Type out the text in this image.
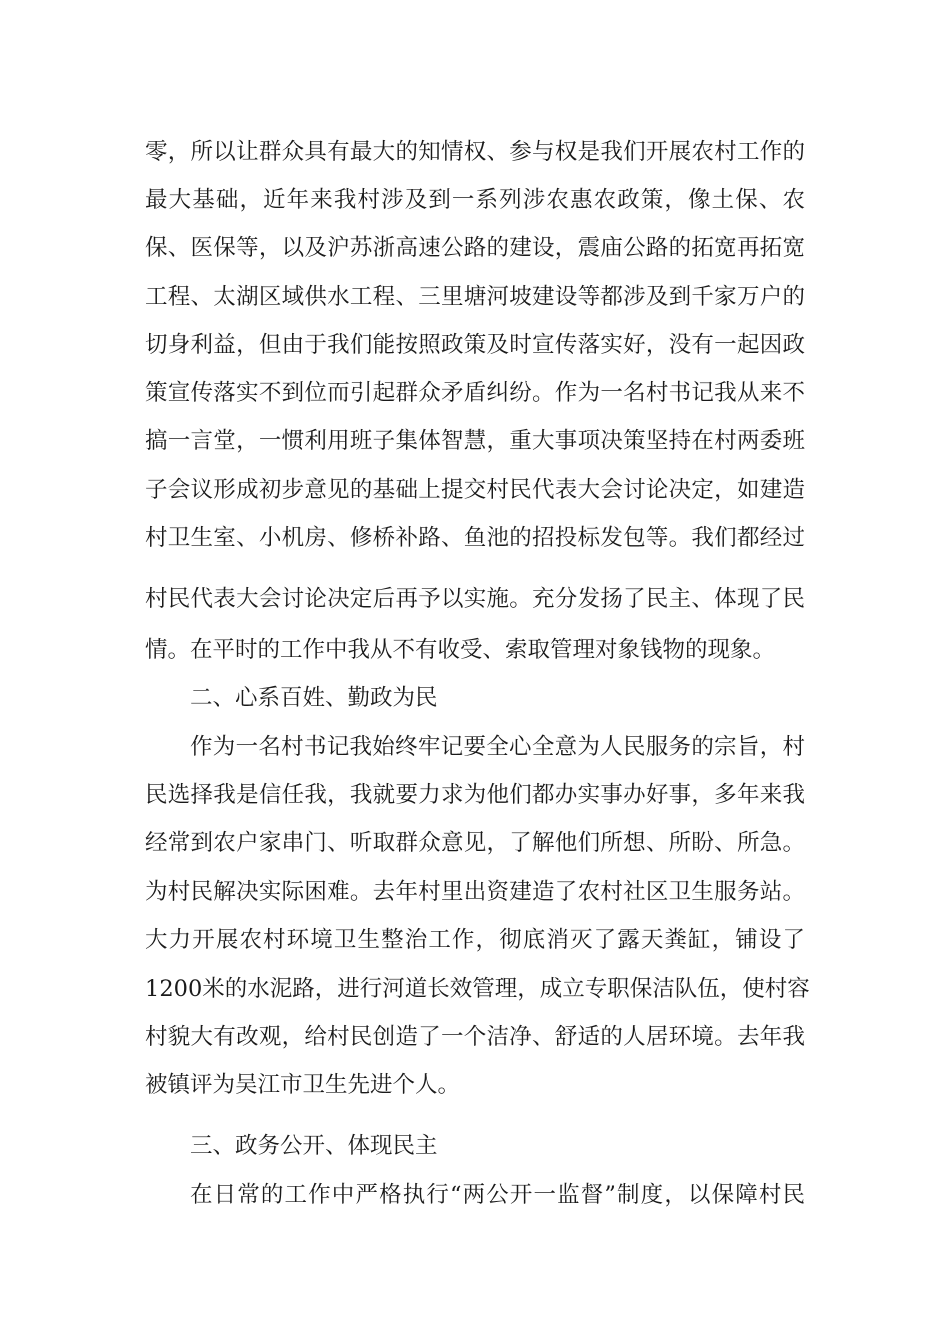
零，所以让群众具有最大的知情权、参与权是我们开展农村工作的
最大基础，近年来我村涉及到一系列涉农惠农政策，像土保、农
保、医保等，以及沪苏浙高速公路的建设，震庙公路的拓宽再拓宽
工程、太湖区域供水工程、三里塘河坡建设等都涉及到千家万户的
切身利益，但由于我们能按照政策及时宣传落实好，没有一起因政
策宣传落实不到位而引起群众矛盾纠纷。作为一名村书记我从来不
搞一言堂，一惯利用班子集体智慧，重大事项决策坚持在村两委班
子会议形成初步意见的基础上提交村民代表大会讨论决定，如建造
村卫生室、小机房、修桥补路、鱼池的招投标发包等。我们都经过
村民代表大会讨论决定后再予以实施。充分发扬了民主、体现了民
情。在平时的工作中我从不有收受、索取管理对象钱物的现象。
二、心系百姓、勤政为民
作为一名村书记我始终牢记要全心全意为人民服务的宗旨，村
民选择我是信任我，我就要力求为他们都办实事办好事，多年来我
经常到农户家串门、听取群众意见，了解他们所想、所盼、所急。
为村民解决实际困难。去年村里出资建造了农村社区卫生服务站。
大力开展农村环境卫生整治工作，彻底消灭了露天粪缸，铺设了
1200米的水泥路，进行河道长效管理，成立专职保洁队伍，使村容
村貌大有改观，给村民创造了一个洁净、舒适的人居环境。去年我
被镇评为吴江市卫生先进个人。
三、政务公开、体现民主
在日常的工作中严格执行“两公开一监督”制度，以保障村民
